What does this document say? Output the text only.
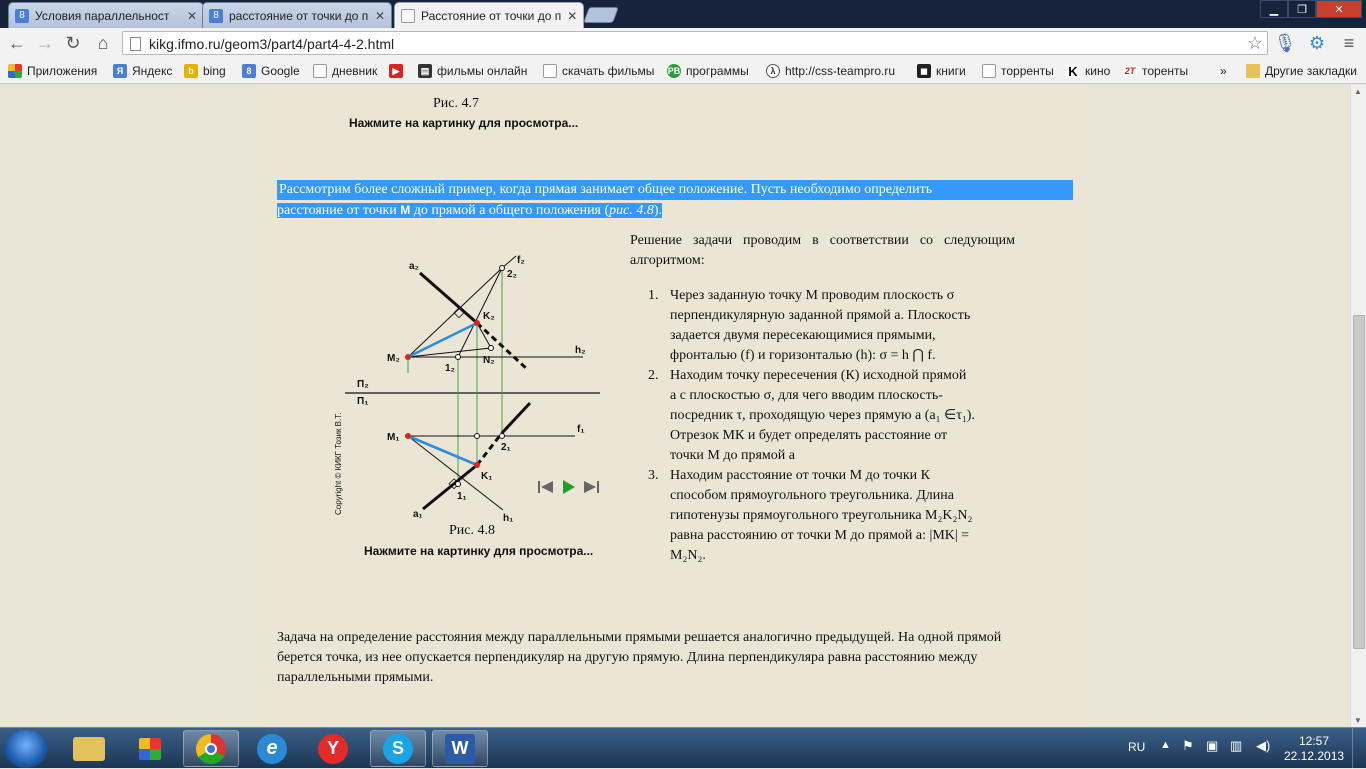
8 Условия параллельност	✕	8 расстояние от точки до п ✕	Расстояние от точки до п ✕	▁	❐	✕
← → ↻ ⌂	kikg.ifmo.ru/geom3/part4/part4-4-2.html	☆ 🎙 ⚙	≡
Приложения	Я Яндекс	b bing	8 Google	дневник	▶	▤ фильмы онлайн	скачать фильмы PB программы	λ http://css-teampro.ru	◼ книги	торренты K кино 2T торенты	»	Другие закладки
Рис. 4.7
Нажмите на картинку для просмотра...
Рассмотрим более сложный пример, когда прямая занимает общее положение. Пусть необходимо определить
расстояние от точки М до прямой а общего положения (рис. 4.8).
Copyright © КИКГ Тозик В.Т.
a₂
f₂
2₂
K₂
M₂	N₂
1₂
h₂
П₂
П₁
M₁
f₁
2₁
K₁
1₁
a₁	h₁
Рис. 4.8
Нажмите на картинку для просмотра...
Решение задачи проводим в соответствии со следующим алгоритмом:
1. Через заданную точку М проводим плоскость σ
перпендикулярную заданной прямой а. Плоскость
задается двумя пересекающимися прямыми,
фронталью (f) и горизонталью (h): σ = h ⋂ f.
2. Находим точку пересечения (К) исходной прямой
а с плоскостью σ, для чего вводим плоскость-
посредник τ, проходящую через прямую а (а₁ ∈τ₁).
Отрезок МК и будет определять расстояние от
точки М до прямой а
3. Находим расстояние от точки М до точки К
способом прямоугольного треугольника. Длина
гипотенузы прямоугольного треугольника M₂K₂N₂
равна расстоянию от точки М до прямой а: |MK| =
M₂N₂.
Задача на определение расстояния между параллельными прямыми решается аналогично предыдущей. На одной прямой
берется точка, из нее опускается перпендикуляр на другую прямую. Длина перпендикуляра равна расстоянию между
параллельными прямыми.
▲
▼
e	Y	S	W	RU ▲ ⚑ ▣ ▥ ◀)	12:57
22.12.2013
